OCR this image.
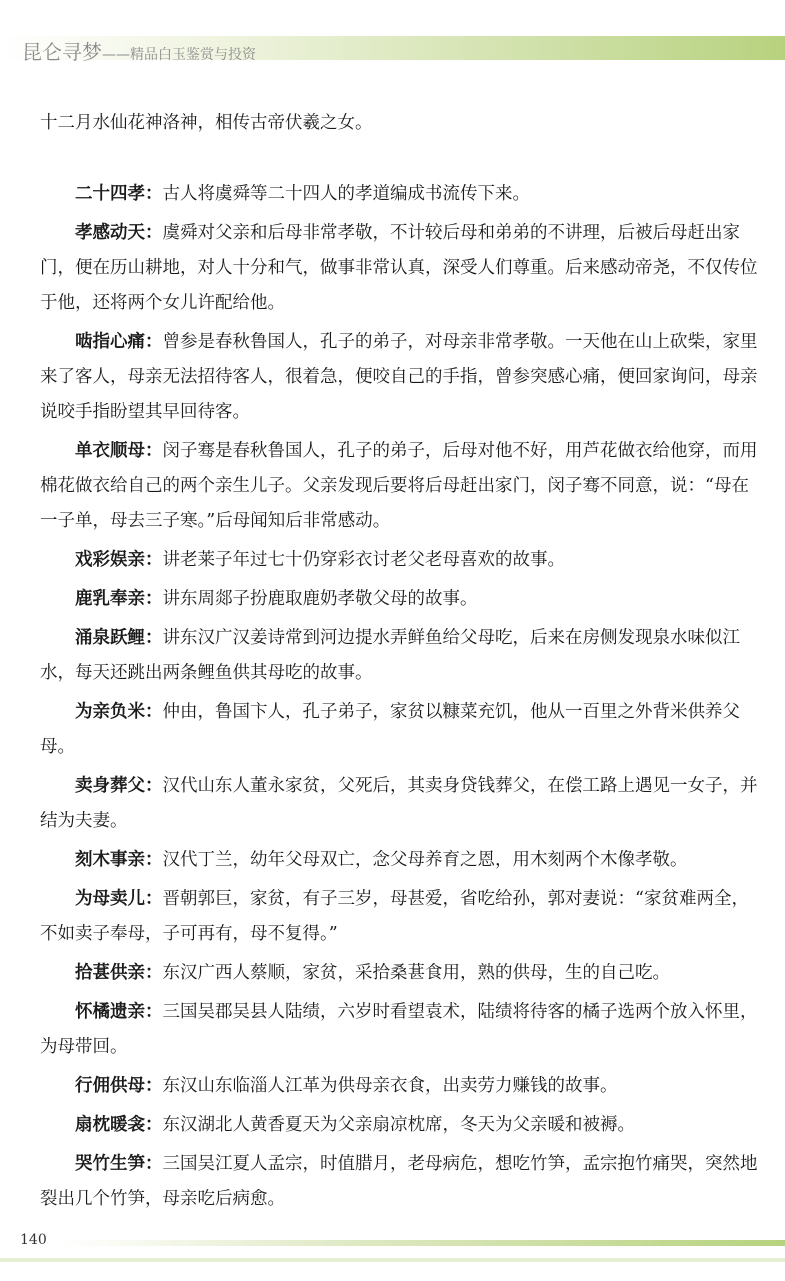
昆仑寻梦——精品白玉鉴赏与投资

十二月水仙花神洛神，相传古帝伏羲之女。

二十四孝：古人将虞舜等二十四人的孝道编成书流传下来。

孝感动天：虞舜对父亲和后母非常孝敬，不计较后母和弟弟的不讲理，后被后母赶出家门，便在历山耕地，对人十分和气，做事非常认真，深受人们尊重。后来感动帝尧，不仅传位于他，还将两个女儿许配给他。

啮指心痛：曾参是春秋鲁国人，孔子的弟子，对母亲非常孝敬。一天他在山上砍柴，家里来了客人，母亲无法招待客人，很着急，便咬自己的手指，曾参突感心痛，便回家询问，母亲说咬手指盼望其早回待客。

单衣顺母：闵子骞是春秋鲁国人，孔子的弟子，后母对他不好，用芦花做衣给他穿，而用棉花做衣给自己的两个亲生儿子。父亲发现后要将后母赶出家门，闵子骞不同意，说：“母在一子单，母去三子寒。”后母闻知后非常感动。

戏彩娱亲：讲老莱子年过七十仍穿彩衣讨老父老母喜欢的故事。

鹿乳奉亲：讲东周郯子扮鹿取鹿奶孝敬父母的故事。

涌泉跃鲤：讲东汉广汉姜诗常到河边提水弄鲜鱼给父母吃，后来在房侧发现泉水味似江水，每天还跳出两条鲤鱼供其母吃的故事。

为亲负米：仲由，鲁国卞人，孔子弟子，家贫以糠菜充饥，他从一百里之外背米供养父母。

卖身葬父：汉代山东人董永家贫，父死后，其卖身贷钱葬父，在偿工路上遇见一女子，并结为夫妻。

刻木事亲：汉代丁兰，幼年父母双亡，念父母养育之恩，用木刻两个木像孝敬。

为母卖儿：晋朝郭巨，家贫，有子三岁，母甚爱，省吃给孙，郭对妻说：“家贫难两全，不如卖子奉母，子可再有，母不复得。”

拾葚供亲：东汉广西人蔡顺，家贫，采拾桑葚食用，熟的供母，生的自己吃。

怀橘遗亲：三国吴郡吴县人陆绩，六岁时看望袁术，陆绩将待客的橘子选两个放入怀里，为母带回。

行佣供母：东汉山东临淄人江革为供母亲衣食，出卖劳力赚钱的故事。

扇枕暖衾：东汉湖北人黄香夏天为父亲扇凉枕席，冬天为父亲暖和被褥。

哭竹生笋：三国吴江夏人孟宗，时值腊月，老母病危，想吃竹笋，孟宗抱竹痛哭，突然地裂出几个竹笋，母亲吃后病愈。

140
